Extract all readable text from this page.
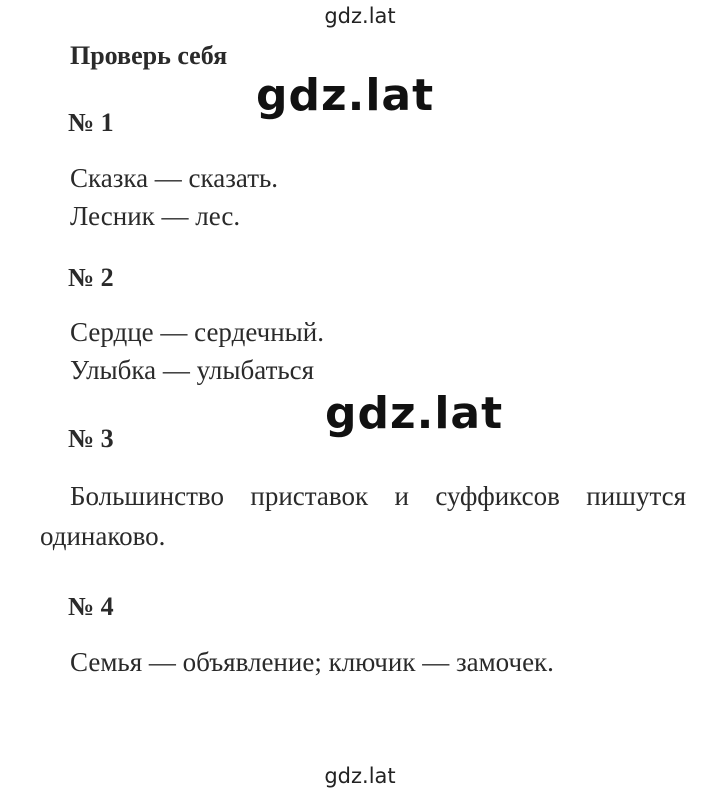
gdz.lat
Проверь себя
gdz.lat
№ 1
Сказка — сказать.
Лесник — лес.
№ 2
Сердце — сердечный.
Улыбка — улыбаться
gdz.lat
№ 3
Большинство приставок и суффиксов пишутся
одинаково.
№ 4
Семья — объявление; ключик — замочек.
gdz.lat
